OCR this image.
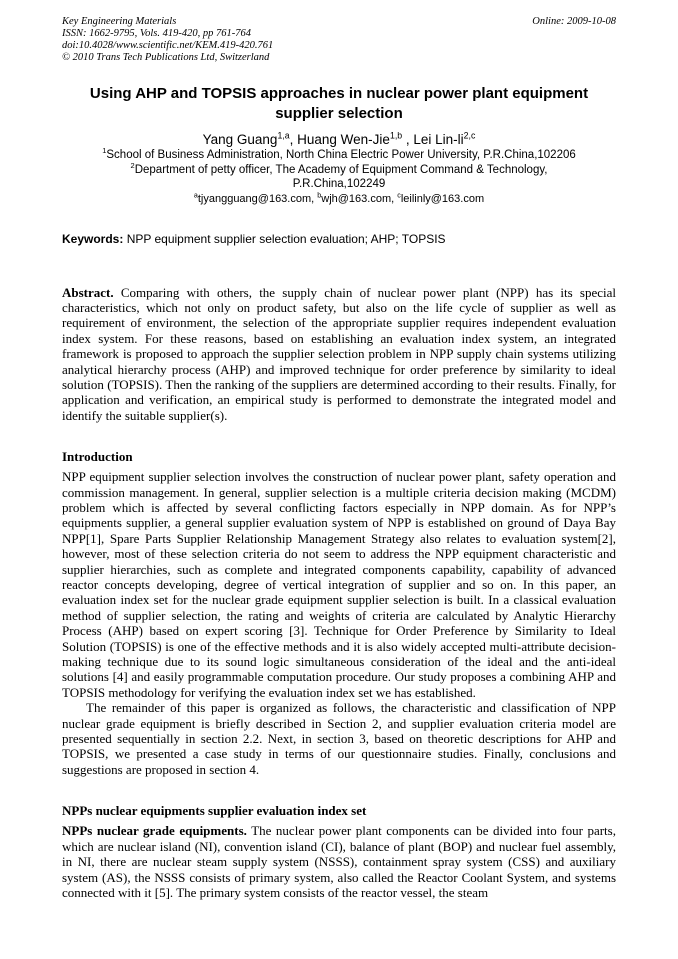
Key Engineering Materials
ISSN: 1662-9795, Vols. 419-420, pp 761-764
doi:10.4028/www.scientific.net/KEM.419-420.761
© 2010 Trans Tech Publications Ltd, Switzerland
Online: 2009-10-08
Using AHP and TOPSIS approaches in nuclear power plant equipment supplier selection
Yang Guang$^{1,a}$, Huang Wen-Jie$^{1,b}$ , Lei Lin-li$^{2,c}$
$^1$School of Business Administration, North China Electric Power University, P.R.China,102206
$^2$Department of petty officer, The Academy of Equipment Command & Technology,
P.R.China,102249
$^a$tjyangguang@163.com, $^b$wjh@163.com, $^c$leilinly@163.com
Keywords: NPP equipment supplier selection evaluation; AHP; TOPSIS

Abstract. Comparing with others, the supply chain of nuclear power plant (NPP) has its special characteristics, which not only on product safety, but also on the life cycle of supplier as well as requirement of environment, the selection of the appropriate supplier requires independent evaluation index system. For these reasons, based on establishing an evaluation index system, an integrated framework is proposed to approach the supplier selection problem in NPP supply chain systems utilizing analytical hierarchy process (AHP) and improved technique for order preference by similarity to ideal solution (TOPSIS). Then the ranking of the suppliers are determined according to their results. Finally, for application and verification, an empirical study is performed to demonstrate the integrated model and identify the suitable supplier(s).

Introduction

NPP equipment supplier selection involves the construction of nuclear power plant, safety operation and commission management. In general, supplier selection is a multiple criteria decision making (MCDM) problem which is affected by several conflicting factors especially in NPP domain. As for NPP’s equipments supplier, a general supplier evaluation system of NPP is established on ground of Daya Bay NPP[1], Spare Parts Supplier Relationship Management Strategy also relates to evaluation system[2], however, most of these selection criteria do not seem to address the NPP equipment characteristic and supplier hierarchies, such as complete and integrated components capability, capability of advanced reactor concepts developing, degree of vertical integration of supplier and so on. In this paper, an evaluation index set for the nuclear grade equipment supplier selection is built. In a classical evaluation method of supplier selection, the rating and weights of criteria are calculated by Analytic Hierarchy Process (AHP) based on expert scoring [3]. Technique for Order Preference by Similarity to Ideal Solution (TOPSIS) is one of the effective methods and it is also widely accepted multi-attribute decision-making technique due to its sound logic simultaneous consideration of the ideal and the anti-ideal solutions [4] and easily programmable computation procedure. Our study proposes a combining AHP and TOPSIS methodology for verifying the evaluation index set we has established.

The remainder of this paper is organized as follows, the characteristic and classification of NPP nuclear grade equipment is briefly described in Section 2, and supplier evaluation criteria model are presented sequentially in section 2.2. Next, in section 3, based on theoretic descriptions for AHP and TOPSIS, we presented a case study in terms of our questionnaire studies. Finally, conclusions and suggestions are proposed in section 4.

NPPs nuclear equipments supplier evaluation index set

NPPs nuclear grade equipments. The nuclear power plant components can be divided into four parts, which are nuclear island (NI), convention island (CI), balance of plant (BOP) and nuclear fuel assembly, in NI, there are nuclear steam supply system (NSSS), containment spray system (CSS) and auxiliary system (AS), the NSSS consists of primary system, also called the Reactor Coolant System, and systems connected with it [5]. The primary system consists of the reactor vessel, the steam
